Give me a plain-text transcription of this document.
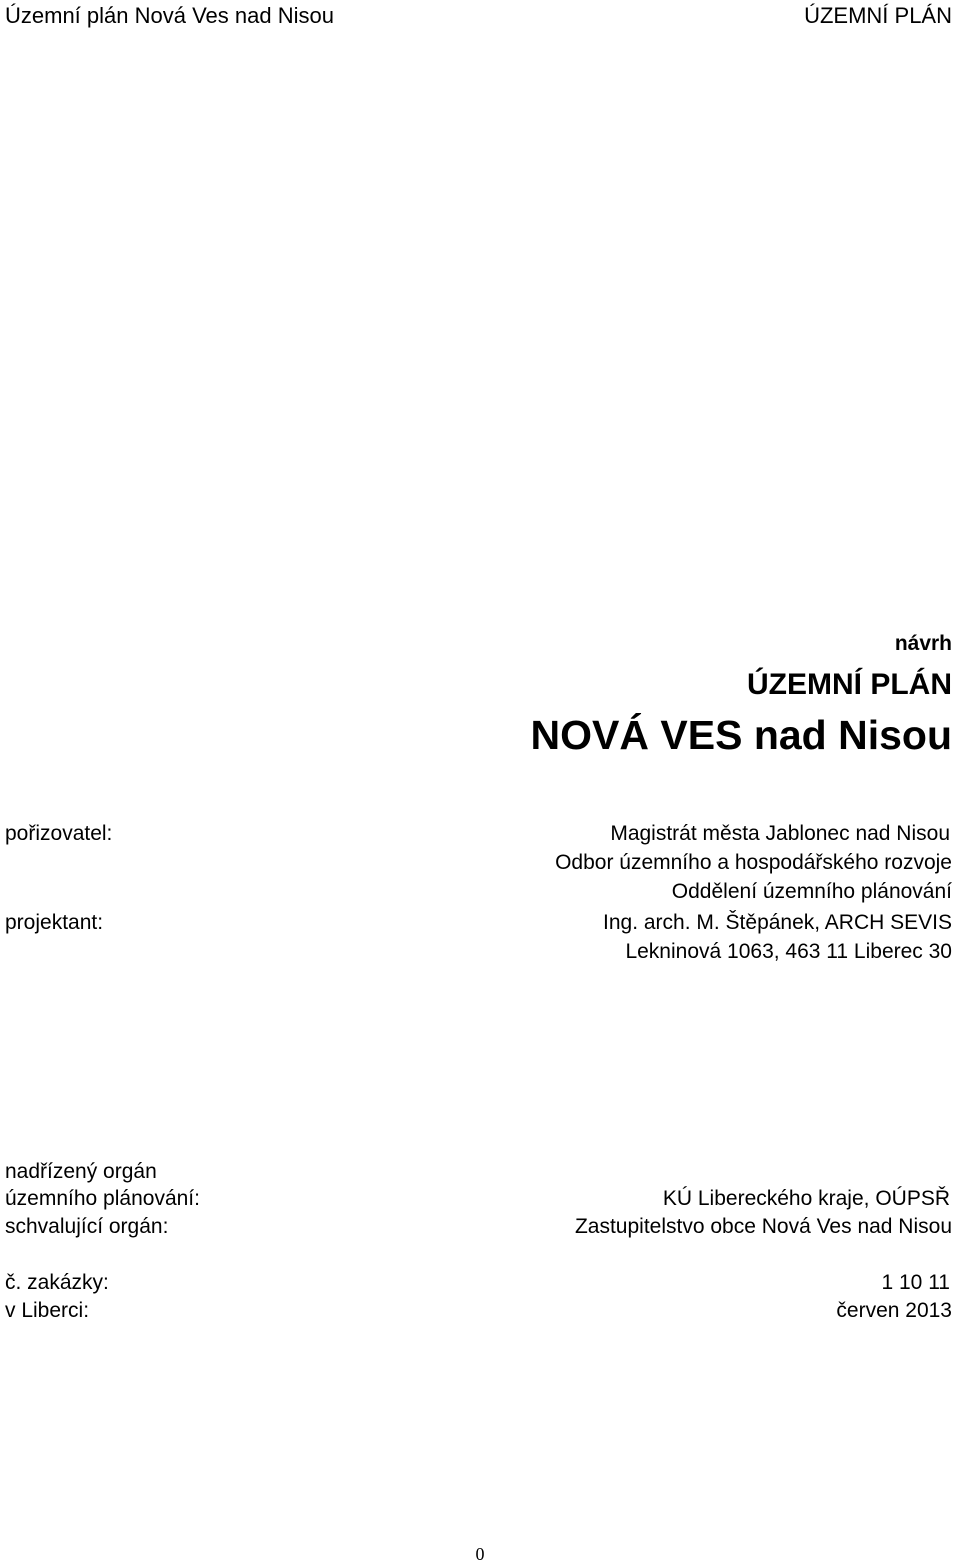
Územní plán Nová Ves nad Nisou	ÚZEMNÍ PLÁN
návrh
ÚZEMNÍ PLÁN
NOVÁ VES nad Nisou
pořizovatel:	Magistrát města Jablonec nad Nisou
Odbor územního a hospodářského rozvoje
Oddělení územního plánování
projektant:	Ing. arch. M. Štěpánek, ARCH SEVIS
Lekninová 1063, 463 11 Liberec 30
nadřízený orgán
územního plánování:	KÚ Libereckého kraje, OÚPSŘ
schvalující orgán:	Zastupitelstvo obce Nová Ves nad Nisou
č. zakázky:	1 10 11
v Liberci:	červen 2013
0
